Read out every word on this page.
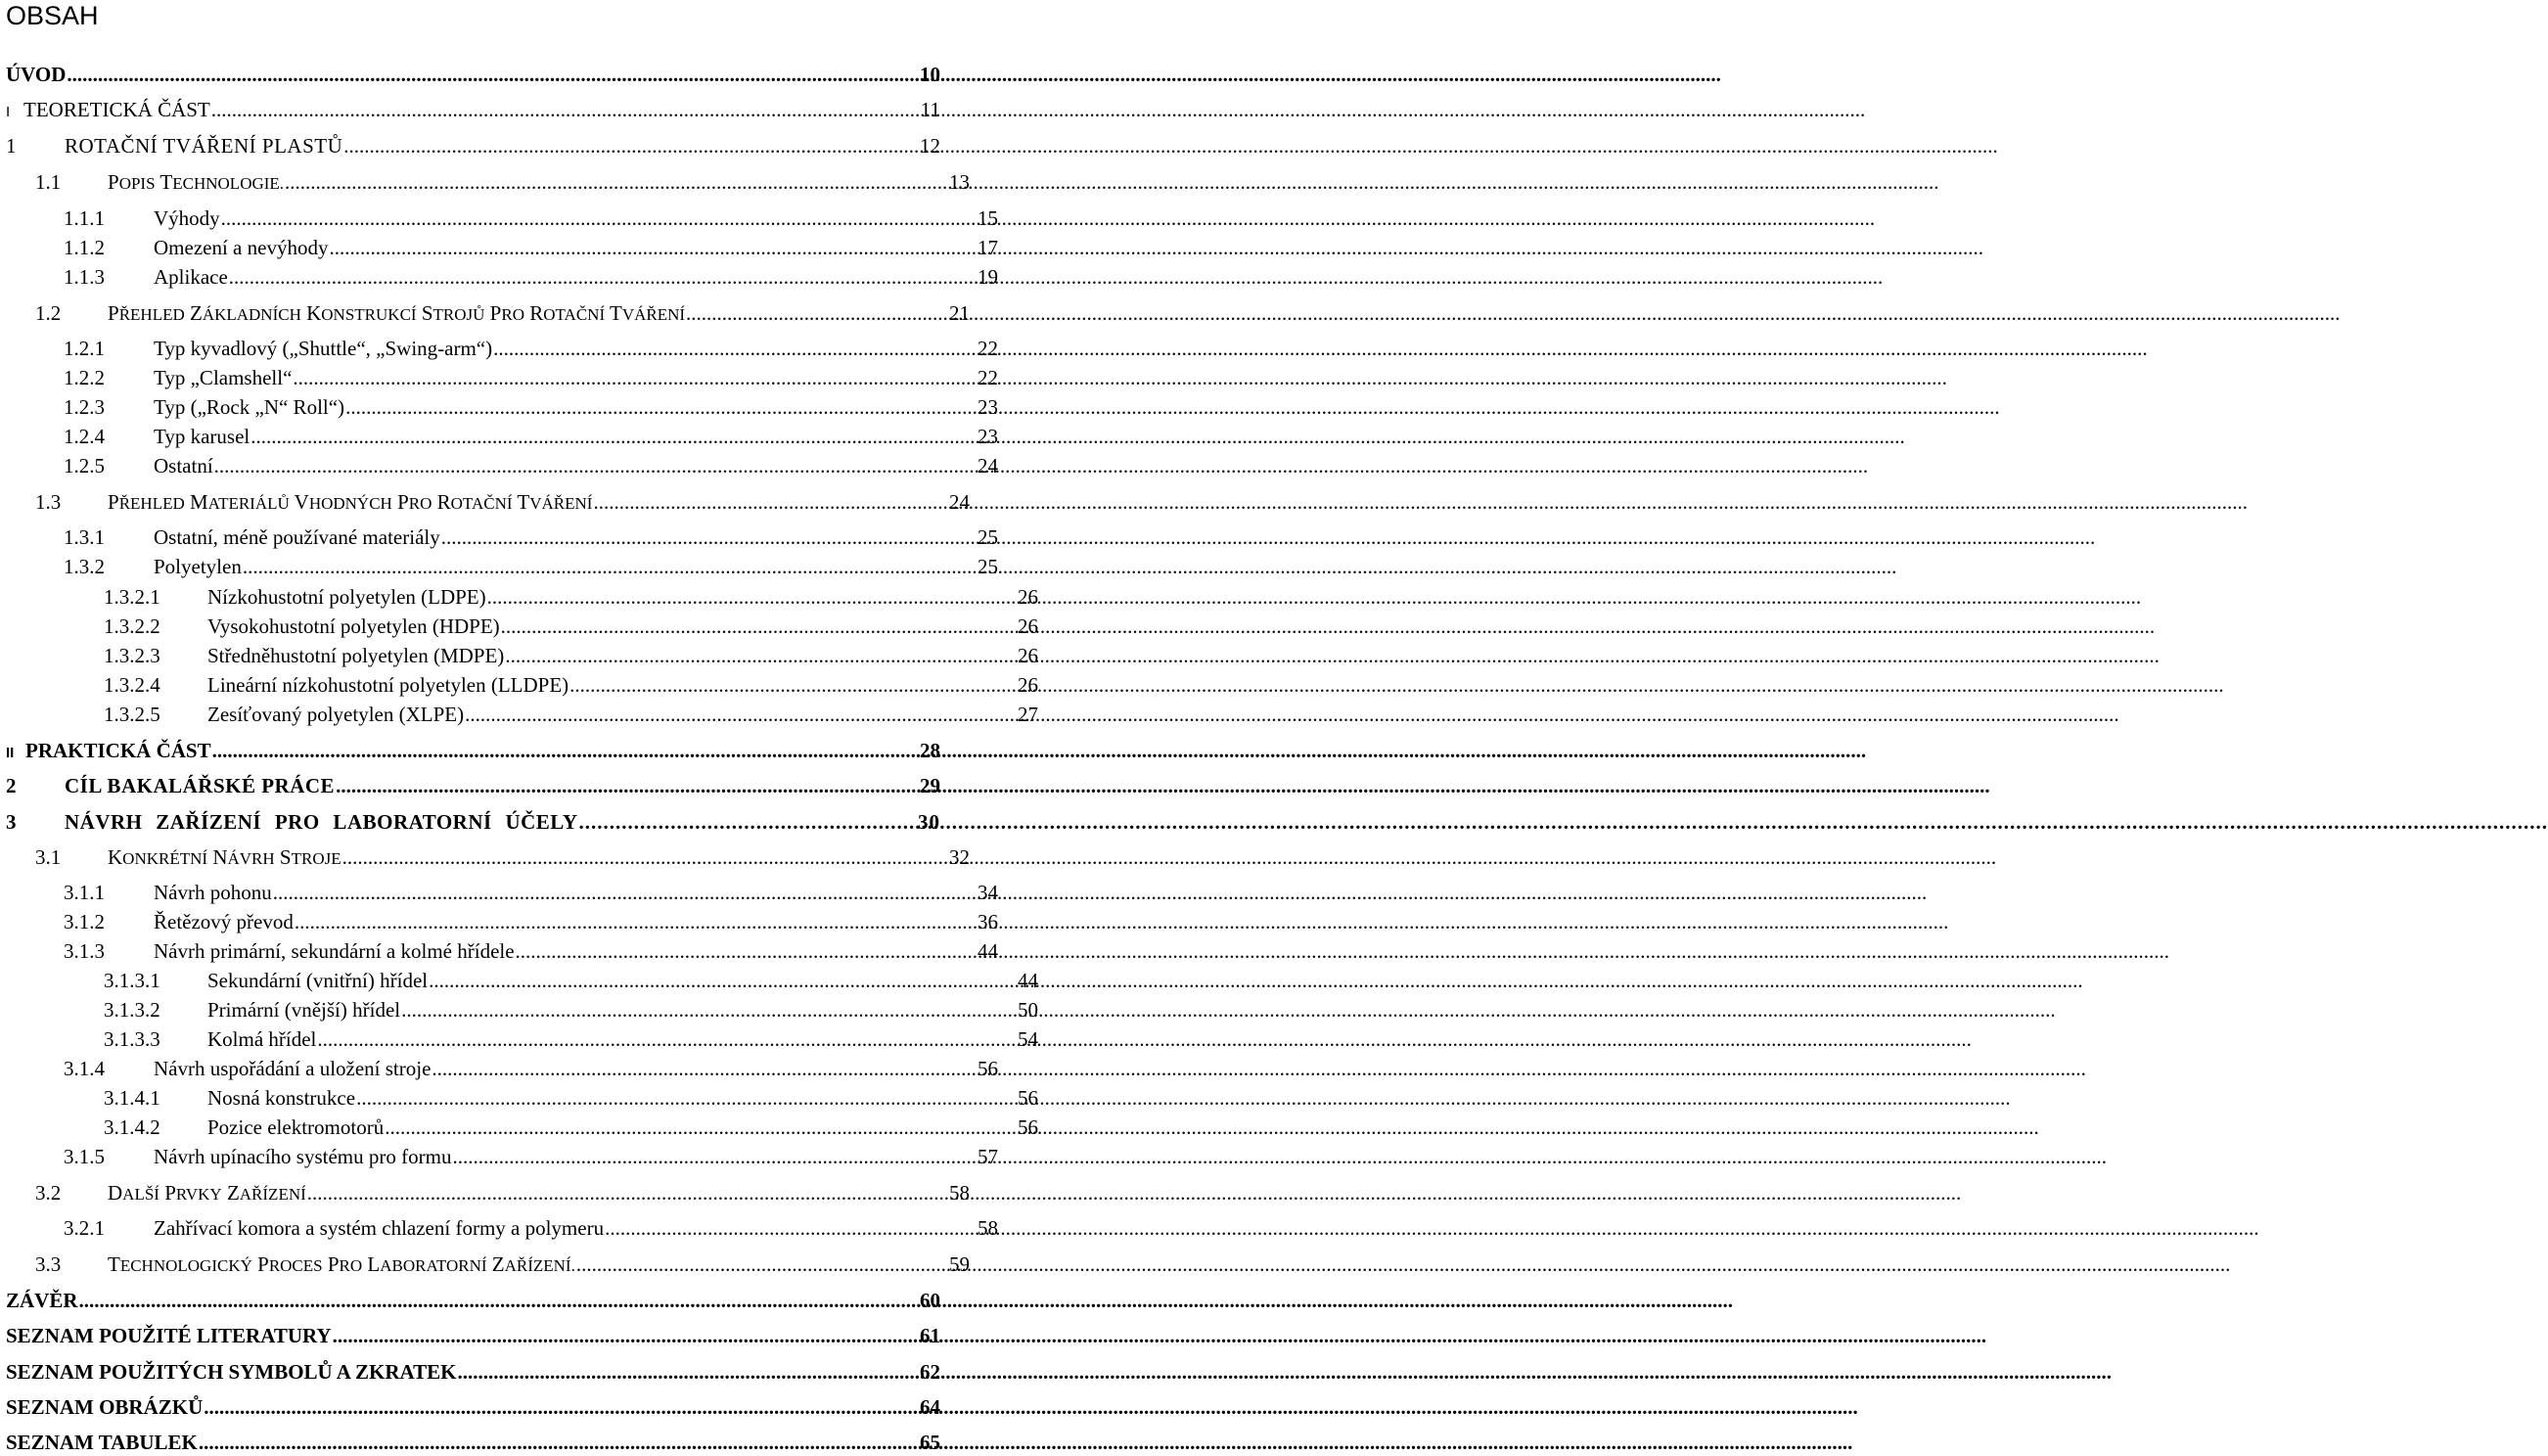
OBSAH
ÚVOD .....	10
I TEORETICKÁ ČÁST .....	11
1	ROTAČNÍ TVÁŘENÍ PLASTŮ .....	12
1.1	POPIS TECHNOLOGIE. .....	13
1.1.1	Výhody .....	15
1.1.2	Omezení a nevýhody .....	17
1.1.3	Aplikace .....	19
1.2	PŘEHLED ZÁKLADNÍCH KONSTRUKCÍ STROJŮ PRO ROTAČNÍ TVÁŘENÍ .....	21
1.2.1	Typ kyvadlový („Shuttle“, „Swing-arm“) .....	22
1.2.2	Typ „Clamshell“ .....	22
1.2.3	Typ („Rock „N“ Roll“) .....	23
1.2.4	Typ karusel .....	23
1.2.5	Ostatní .....	24
1.3	PŘEHLED MATERIÁLŮ VHODNÝCH PRO ROTAČNÍ TVÁŘENÍ .....	24
1.3.1	Ostatní, méně používané materiály .....	25
1.3.2	Polyetylen .....	25
1.3.2.1	Nízkohustotní polyetylen (LDPE) .....	26
1.3.2.2	Vysokohustotní polyetylen (HDPE) .....	26
1.3.2.3	Středněhustotní polyetylen (MDPE) .....	26
1.3.2.4	Lineární nízkohustotní polyetylen (LLDPE) .....	26
1.3.2.5	Zesíťovaný polyetylen (XLPE) .....	27
II PRAKTICKÁ ČÁST .....	28
2	CÍL BAKALÁŘSKÉ PRÁCE .....	29
3	NÁVRH ZAŘÍZENÍ PRO LABORATORNÍ ÚČELY .....	30
3.1	KONKRÉTNÍ NÁVRH STROJE .....	32
3.1.1	Návrh pohonu .....	34
3.1.2	Řetězový převod .....	36
3.1.3	Návrh primární, sekundární a kolmé hřídele .....	44
3.1.3.1	Sekundární (vnitřní) hřídel .....	44
3.1.3.2	Primární (vnější) hřídel .....	50
3.1.3.3	Kolmá hřídel .....	54
3.1.4	Návrh uspořádání a uložení stroje .....	56
3.1.4.1	Nosná konstrukce .....	56
3.1.4.2	Pozice elektromotorů .....	56
3.1.5	Návrh upínacího systému pro formu .....	57
3.2	DALŠÍ PRVKY ZAŘÍZENÍ .....	58
3.2.1	Zahřívací komora a systém chlazení formy a polymeru .....	58
3.3	TECHNOLOGICKÝ PROCES PRO LABORATORNÍ ZAŘÍZENÍ. .....	59
ZÁVĚR .....	60
SEZNAM POUŽITÉ LITERATURY .....	61
SEZNAM POUŽITÝCH SYMBOLŮ A ZKRATEK .....	62
SEZNAM OBRÁZKŮ .....	64
SEZNAM TABULEK .....	65
